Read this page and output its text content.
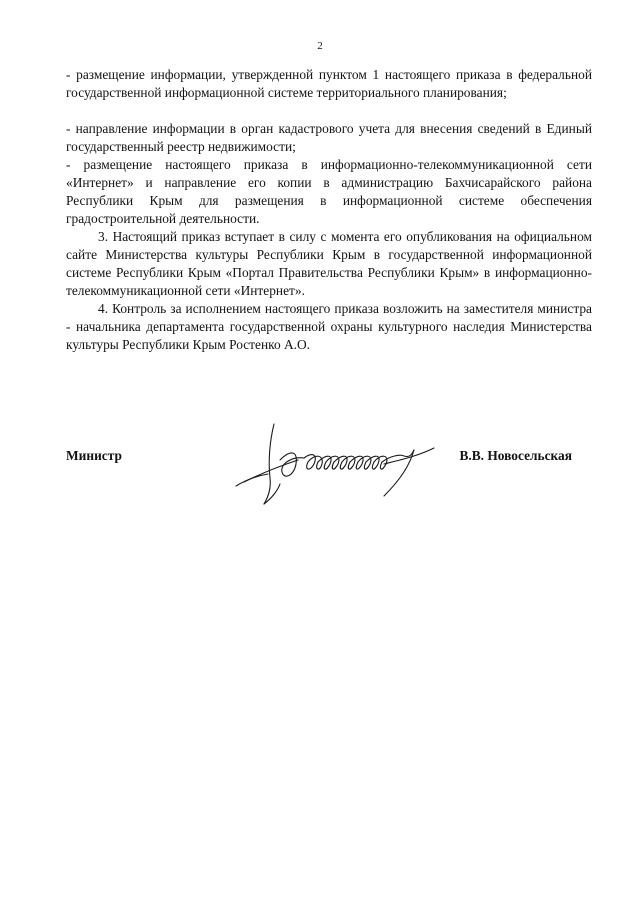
2

- размещение информации, утвержденной пунктом 1 настоящего приказа в федеральной государственной информационной системе территориального планирования;

- направление информации в орган кадастрового учета для внесения сведений в Единый государственный реестр недвижимости;

- размещение настоящего приказа в информационно-телекоммуникационной сети «Интернет» и направление его копии в администрацию Бахчисарайского района Республики Крым для размещения в информационной системе обеспечения градостроительной деятельности.

3. Настоящий приказ вступает в силу с момента его опубликования на официальном сайте Министерства культуры Республики Крым в государственной информационной системе Республики Крым «Портал Правительства Республики Крым» в информационно-телекоммуникационной сети «Интернет».

4. Контроль за исполнением настоящего приказа возложить на заместителя министра - начальника департамента государственной охраны культурного наследия Министерства культуры Республики Крым Ростенко А.О.

Министр	В.В. Новосельская
